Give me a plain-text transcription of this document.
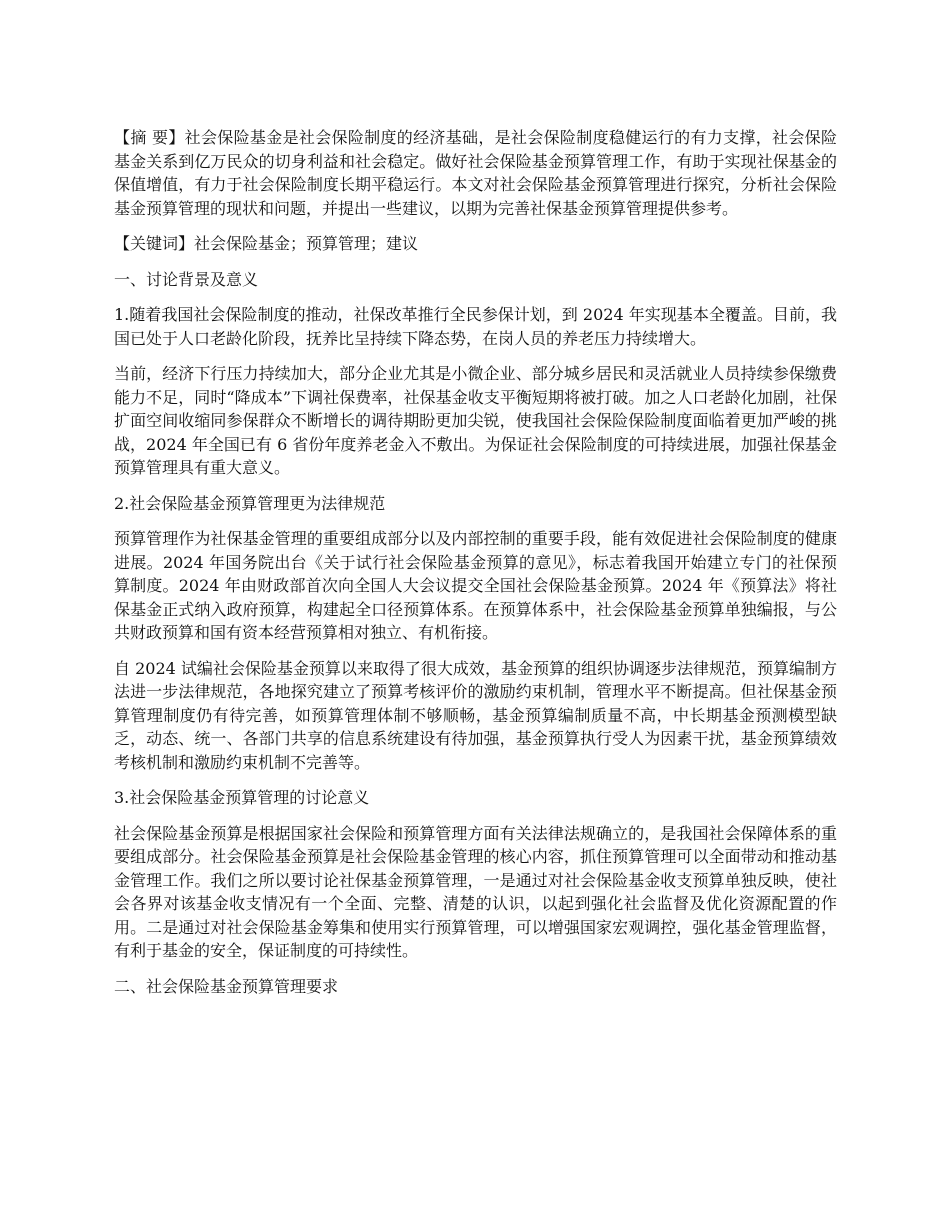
【摘 要】社会保险基金是社会保险制度的经济基础，是社会保险制度稳健运行的有力支撑，社会保险基金关系到亿万民众的切身利益和社会稳定。做好社会保险基金预算管理工作，有助于实现社保基金的保值增值，有力于社会保险制度长期平稳运行。本文对社会保险基金预算管理进行探究，分析社会保险基金预算管理的现状和问题，并提出一些建议，以期为完善社保基金预算管理提供参考。

【关键词】社会保险基金；预算管理；建议

一、讨论背景及意义

1.随着我国社会保险制度的推动，社保改革推行全民参保计划，到 2024 年实现基本全覆盖。目前，我国已处于人口老龄化阶段，抚养比呈持续下降态势，在岗人员的养老压力持续增大。

当前，经济下行压力持续加大，部分企业尤其是小微企业、部分城乡居民和灵活就业人员持续参保缴费能力不足，同时“降成本”下调社保费率，社保基金收支平衡短期将被打破。加之人口老龄化加剧，社保扩面空间收缩同参保群众不断增长的调待期盼更加尖锐，使我国社会保险保险制度面临着更加严峻的挑战，2024 年全国已有 6 省份年度养老金入不敷出。为保证社会保险制度的可持续进展，加强社保基金预算管理具有重大意义。

2.社会保险基金预算管理更为法律规范

预算管理作为社保基金管理的重要组成部分以及内部控制的重要手段，能有效促进社会保险制度的健康进展。2024 年国务院出台《关于试行社会保险基金预算的意见》，标志着我国开始建立专门的社保预算制度。2024 年由财政部首次向全国人大会议提交全国社会保险基金预算。2024 年《预算法》将社保基金正式纳入政府预算，构建起全口径预算体系。在预算体系中，社会保险基金预算单独编报，与公共财政预算和国有资本经营预算相对独立、有机衔接。

自 2024 试编社会保险基金预算以来取得了很大成效，基金预算的组织协调逐步法律规范，预算编制方法进一步法律规范，各地探究建立了预算考核评价的激励约束机制，管理水平不断提高。但社保基金预算管理制度仍有待完善，如预算管理体制不够顺畅，基金预算编制质量不高，中长期基金预测模型缺乏，动态、统一、各部门共享的信息系统建设有待加强，基金预算执行受人为因素干扰，基金预算绩效考核机制和激励约束机制不完善等。

3.社会保险基金预算管理的讨论意义

社会保险基金预算是根据国家社会保险和预算管理方面有关法律法规确立的，是我国社会保障体系的重要组成部分。社会保险基金预算是社会保险基金管理的核心内容，抓住预算管理可以全面带动和推动基金管理工作。我们之所以要讨论社保基金预算管理，一是通过对社会保险基金收支预算单独反映，使社会各界对该基金收支情况有一个全面、完整、清楚的认识，以起到强化社会监督及优化资源配置的作用。二是通过对社会保险基金筹集和使用实行预算管理，可以增强国家宏观调控，强化基金管理监督，有利于基金的安全，保证制度的可持续性。

二、社会保险基金预算管理要求
